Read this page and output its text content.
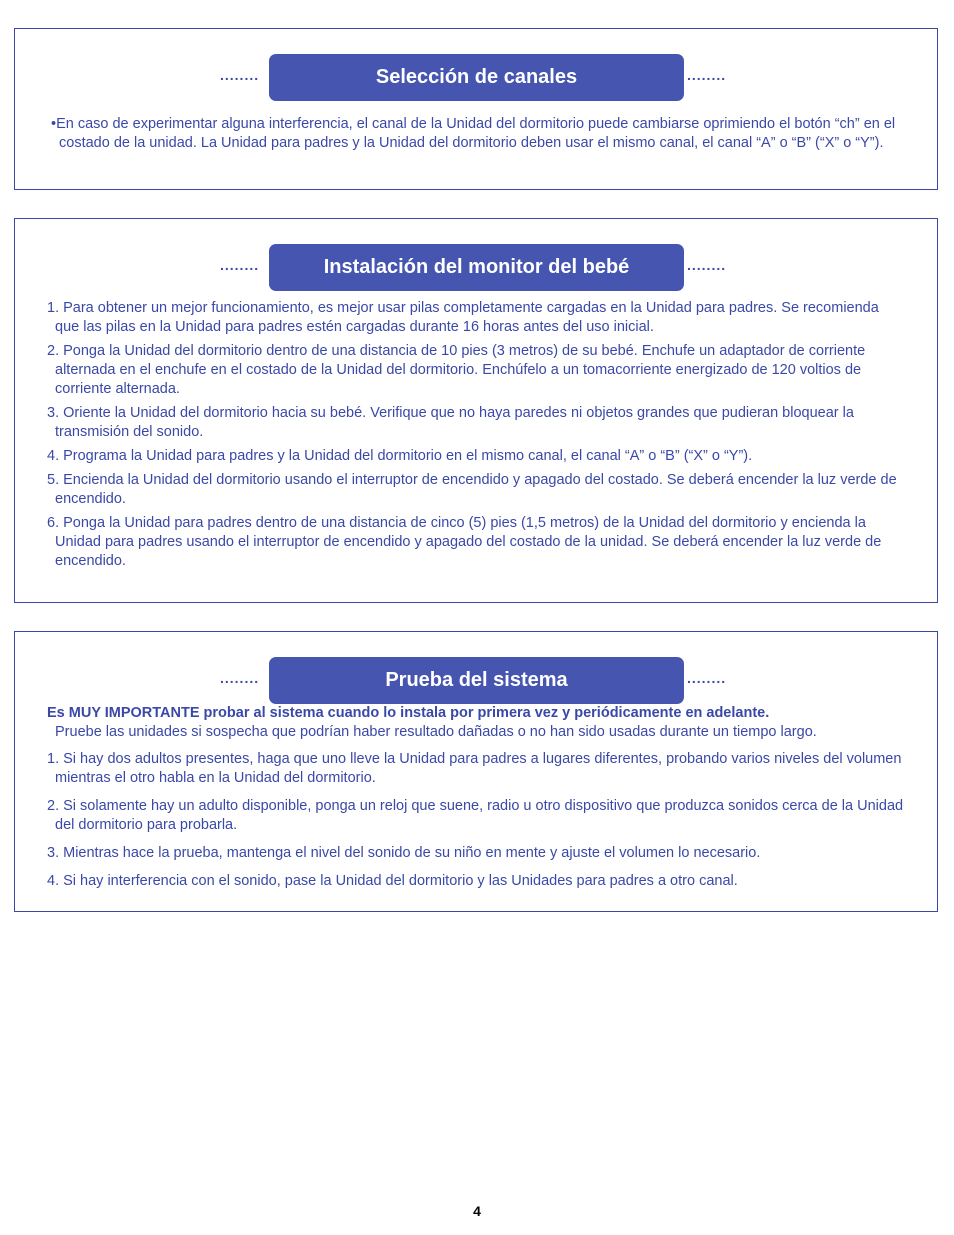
........	Selección de canales	........

•En caso de experimentar alguna interferencia, el canal de la Unidad del dormitorio puede cambiarse oprimiendo el botón “ch” en el costado de la unidad. La Unidad para padres y la Unidad del dormitorio deben usar el mismo canal, el canal “A” o “B” (“X” o “Y”).

........	Instalación del monitor del bebé	........

1. Para obtener un mejor funcionamiento, es mejor usar pilas completamente cargadas en la Unidad para padres. Se recomienda que las pilas en la Unidad para padres estén cargadas durante 16 horas antes del uso inicial.

2. Ponga la Unidad del dormitorio dentro de una distancia de 10 pies (3 metros) de su bebé. Enchufe un adaptador de corriente alternada en el enchufe en el costado de la Unidad del dormitorio. Enchúfelo a un tomacorriente energizado de 120 voltios de corriente alternada.

3. Oriente la Unidad del dormitorio hacia su bebé. Verifique que no haya paredes ni objetos grandes que pudieran bloquear la transmisión del sonido.

4. Programa la Unidad para padres y la Unidad del dormitorio en el mismo canal, el canal “A” o “B” (“X” o “Y”).

5. Encienda la Unidad del dormitorio usando el interruptor de encendido y apagado del costado. Se deberá encender la luz verde de encendido.

6. Ponga la Unidad para padres dentro de una distancia de cinco (5) pies (1,5 metros) de la Unidad del dormitorio y encienda la Unidad para padres usando el interruptor de encendido y apagado del costado de la unidad. Se deberá encender la luz verde de encendido.

........	Prueba del sistema	........

Es MUY IMPORTANTE probar al sistema cuando lo instala por primera vez y periódicamente en adelante.
Pruebe las unidades si sospecha que podrían haber resultado dañadas o no han sido usadas durante un tiempo largo.

1. Si hay dos adultos presentes, haga que uno lleve la Unidad para padres a lugares diferentes, probando varios niveles del volumen mientras el otro habla en la Unidad del dormitorio.

2. Si solamente hay un adulto disponible, ponga un reloj que suene, radio u otro dispositivo que produzca sonidos cerca de la Unidad del dormitorio para probarla.

3. Mientras hace la prueba, mantenga el nivel del sonido de su niño en mente y ajuste el volumen lo necesario.

4. Si hay interferencia con el sonido, pase la Unidad del dormitorio y las Unidades para padres a otro canal.

4
